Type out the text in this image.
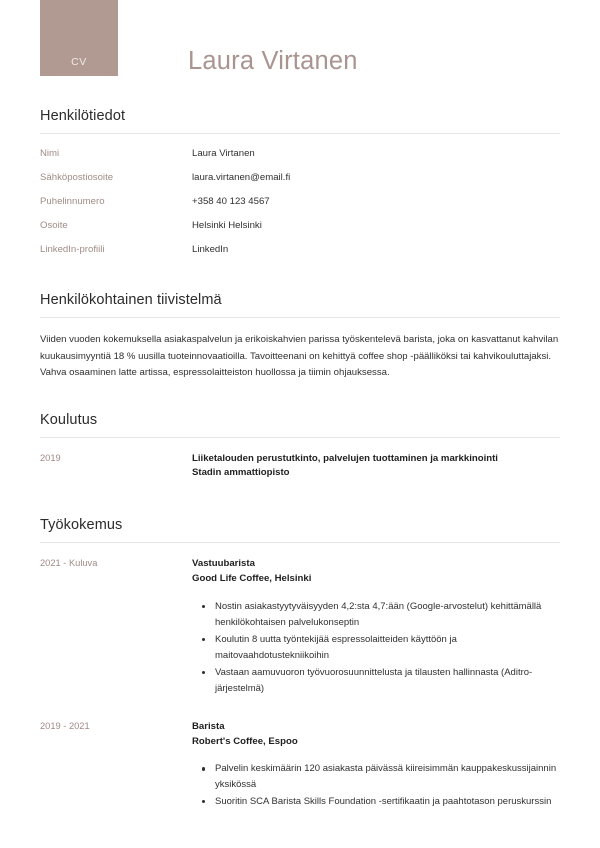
CV	Laura Virtanen
Henkilötiedot
Nimi	Laura Virtanen
Sähköpostiosoite	laura.virtanen@email.fi
Puhelinnumero	+358 40 123 4567
Osoite	Helsinki Helsinki
LinkedIn-profiili	LinkedIn
Henkilökohtainen tiivistelmä

Viiden vuoden kokemuksella asiakaspalvelun ja erikoiskahvien parissa työskentelevä barista, joka on kasvattanut kahvilan kuukausimyyntiä 18 % uusilla tuoteinnovaatioilla. Tavoitteenani on kehittyä coffee shop -päälliköksi tai kahvikouluttajaksi. Vahva osaaminen latte artissa, espressolaitteiston huollossa ja tiimin ohjauksessa.

Koulutus
2019	Liiketalouden perustutkinto, palvelujen tuottaminen ja markkinointi
Stadin ammattiopisto
Työkokemus
2021 - Kuluva	Vastuubarista
Good Life Coffee, Helsinki
Nostin asiakastyytyväisyyden 4,2:sta 4,7:ään (Google-arvostelut) kehittämällä henkilökohtaisen palvelukonseptin
Koulutin 8 uutta työntekijää espressolaitteiden käyttöön ja maitovaahdotustekniikoihin
Vastaan aamuvuoron työvuorosuunnittelusta ja tilausten hallinnasta (Aditro-järjestelmä)
2019 - 2021	Barista
Robert's Coffee, Espoo
Palvelin keskimäärin 120 asiakasta päivässä kiireisimmän kauppakeskussijainnin yksikössä
Suoritin SCA Barista Skills Foundation -sertifikaatin ja paahtotason peruskurssin
